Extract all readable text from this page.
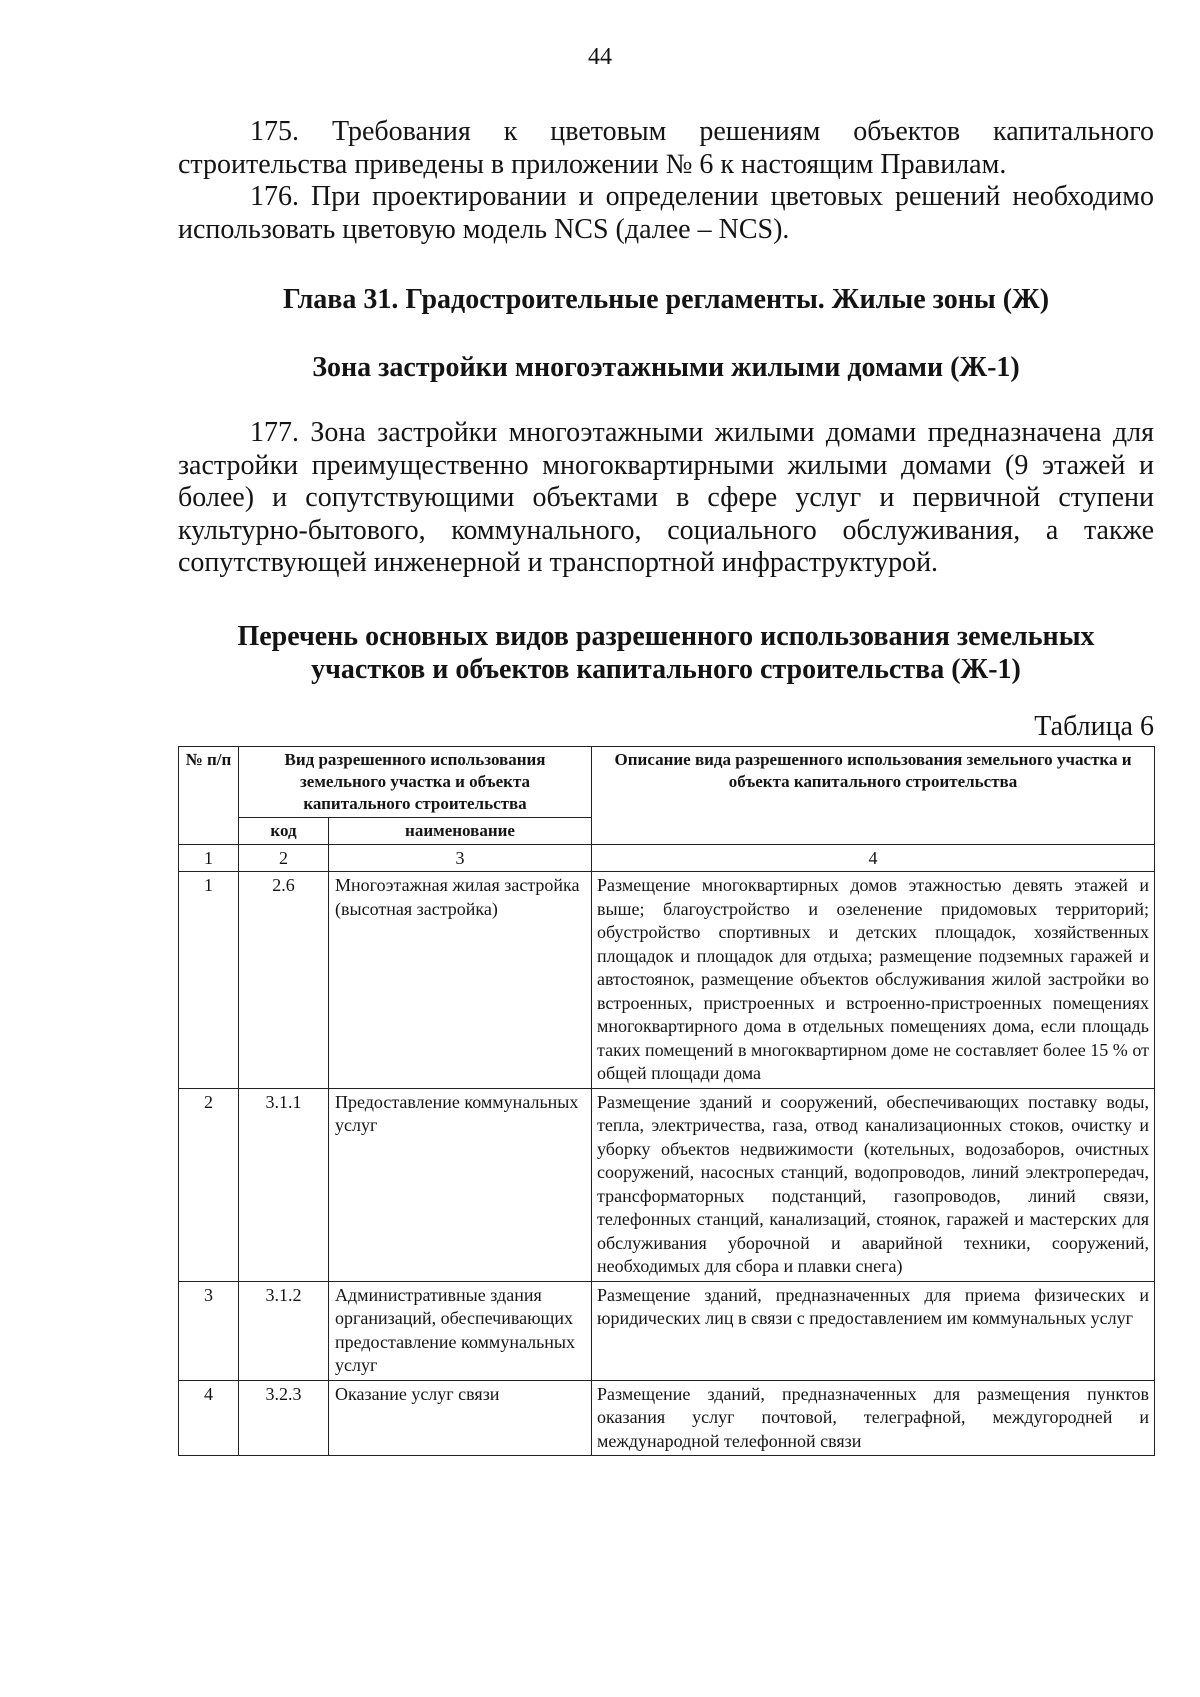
44

175. Требования к цветовым решениям объектов капитального строительства приведены в приложении № 6 к настоящим Правилам.

176. При проектировании и определении цветовых решений необходимо использовать цветовую модель NCS (далее – NCS).

Глава 31. Градостроительные регламенты. Жилые зоны (Ж)
Зона застройки многоэтажными жилыми домами (Ж-1)

177. Зона застройки многоэтажными жилыми домами предназначена для застройки преимущественно многоквартирными жилыми домами (9 этажей и более) и сопутствующими объектами в сфере услуг и первичной ступени культурно-бытового, коммунального, социального обслуживания, а также сопутствующей инженерной и транспортной инфраструктурой.

Перечень основных видов разрешенного использования земельных участков и объектов капитального строительства (Ж-1)
Таблица 6
№ п/п	Вид разрешенного использования земельного участка и объекта капитального строительства		Описание вида разрешенного использования земельного участка и объекта капитального строительства
	код	наименование	
1	2	3	4
1	2.6	Многоэтажная жилая застройка (высотная застройка)	Размещение многоквартирных домов этажностью девять этажей и выше; благоустройство и озеленение придомовых территорий; обустройство спортивных и детских площадок, хозяйственных площадок и площадок для отдыха; размещение подземных гаражей и автостоянок, размещение объектов обслуживания жилой застройки во встроенных, пристроенных и встроенно-пристроенных помещениях многоквартирного дома в отдельных помещениях дома, если площадь таких помещений в многоквартирном доме не составляет более 15 % от общей площади дома
2	3.1.1	Предоставление коммунальных услуг	Размещение зданий и сооружений, обеспечивающих поставку воды, тепла, электричества, газа, отвод канализационных стоков, очистку и уборку объектов недвижимости (котельных, водозаборов, очистных сооружений, насосных станций, водопроводов, линий электропередач, трансформаторных подстанций, газопроводов, линий связи, телефонных станций, канализаций, стоянок, гаражей и мастерских для обслуживания уборочной и аварийной техники, сооружений, необходимых для сбора и плавки снега)
3	3.1.2	Административные здания организаций, обеспечивающих предоставление коммунальных услуг	Размещение зданий, предназначенных для приема физических и юридических лиц в связи с предоставлением им коммунальных услуг
4	3.2.3	Оказание услуг связи	Размещение зданий, предназначенных для размещения пунктов оказания услуг почтовой, телеграфной, междугородней и международной телефонной связи
